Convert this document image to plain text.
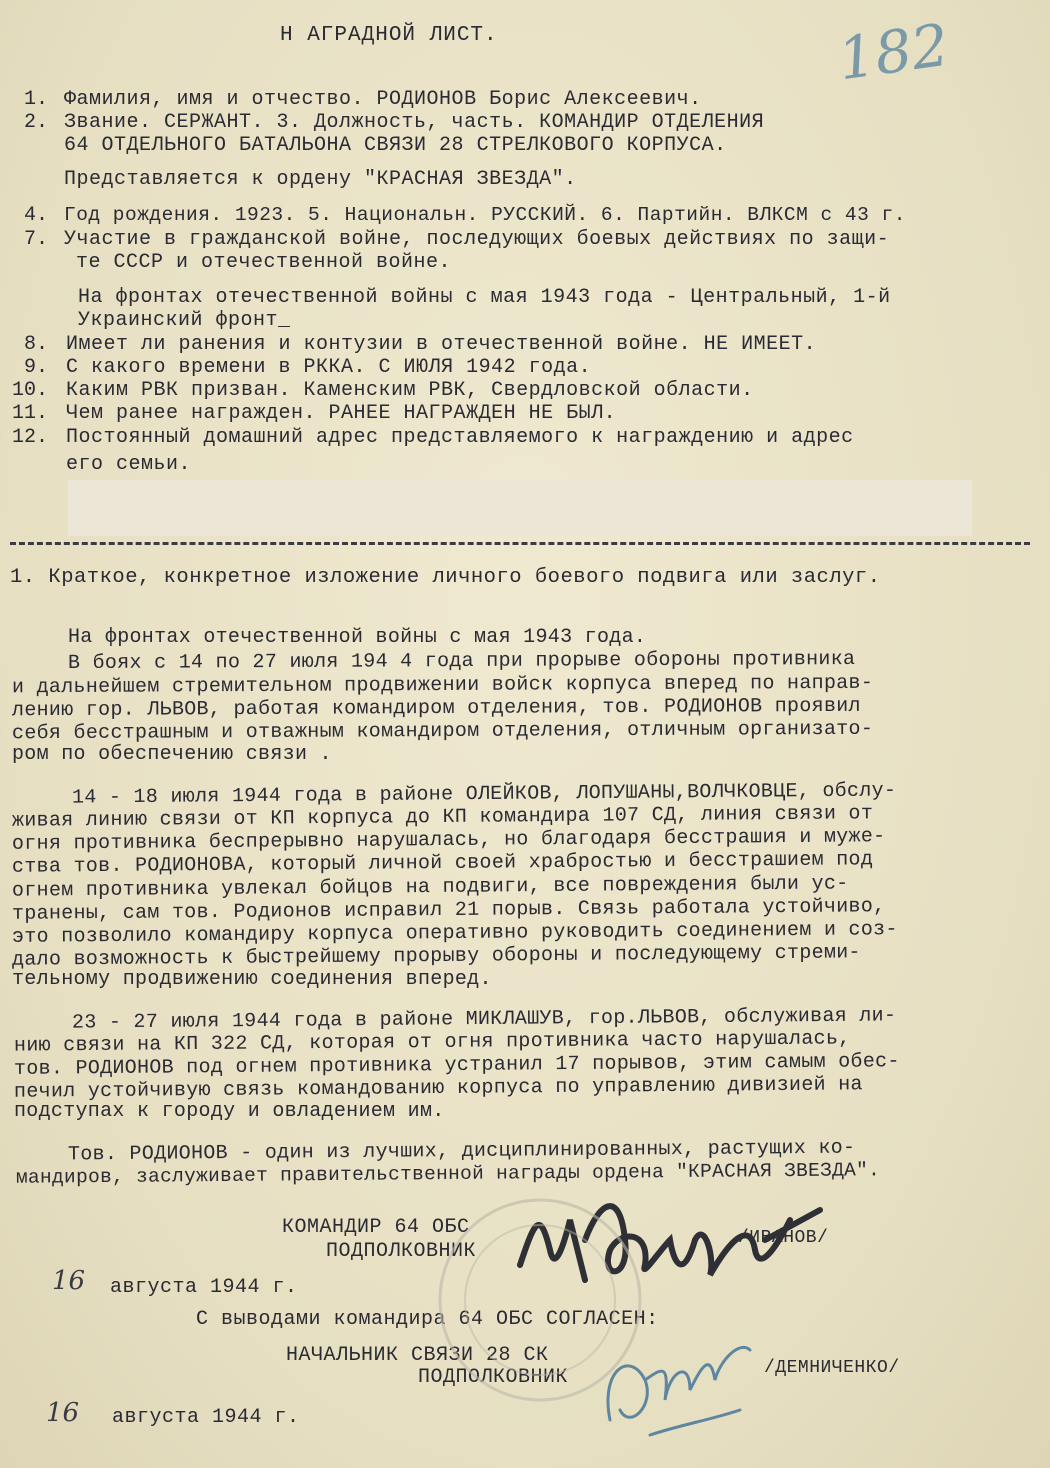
Н АГРАДНОЙ ЛИСТ.	182
1. Фамилия, имя и отчество. РОДИОНОВ Борис Алексеевич.
2. Звание. СЕРЖАНТ. 3. Должность, часть. КОМАНДИР ОТДЕЛЕНИЯ
64 ОТДЕЛЬНОГО БАТАЛЬОНА СВЯЗИ 28 СТРЕЛКОВОГО КОРПУСА.
Представляется к ордену "КРАСНАЯ ЗВЕЗДА".
4. Год рождения. 1923. 5. Национальн. РУССКИЙ. 6. Партийн. ВЛКСМ с 43 г.
7. Участие в гражданской войне, последующих боевых действиях по защи-
те СССР и отечественной войне.
На фронтах отечественной войны с мая 1943 года - Центральный, 1-й
Украинский фронт_
8. Имеет ли ранения и контузии в отечественной войне. НЕ ИМЕЕТ.
9. С какого времени в РККА. С ИЮЛЯ 1942 года.
10. Каким РВК призван. Каменским РВК, Свердловской области.
11. Чем ранее награжден. РАНЕЕ НАГРАЖДЕН НЕ БЫЛ.
12. Постоянный домашний адрес представляемого к награждению и адрес
его семьи.
1. Краткое, конкретное изложение личного боевого подвига или заслуг.
На фронтах отечественной войны с мая 1943 года.
В боях с 14 по 27 июля 194 4 года при прорыве обороны противника
и дальнейшем стремительном продвижении войск корпуса вперед по направ-
лению гор. ЛЬВОВ, работая командиром отделения, тов. РОДИОНОВ проявил
себя бесстрашным и отважным командиром отделения, отличным организато-
ром по обеспечению связи .
14 - 18 июля 1944 года в районе ОЛЕЙКОВ, ЛОПУШАНЫ,ВОЛЧКОВЦЕ, обслу-
живая линию связи от КП корпуса до КП командира 107 СД, линия связи от
огня противника беспрерывно нарушалась, но благодаря бесстрашия и муже-
ства тов. РОДИОНОВА, который личной своей храбростью и бесстрашием под
огнем противника увлекал бойцов на подвиги, все повреждения были ус-
транены, сам тов. Родионов исправил 21 порыв. Связь работала устойчиво,
это позволило командиру корпуса оперативно руководить соединением и соз-
дало возможность к быстрейшему прорыву обороны и последующему стреми-
тельному продвижению соединения вперед.
23 - 27 июля 1944 года в районе МИКЛАШУВ, гор.ЛЬВОВ, обслуживая ли-
нию связи на КП 322 СД, которая от огня противника часто нарушалась,
тов. РОДИОНОВ под огнем противника устранил 17 порывов, этим самым обес-
печил устойчивую связь командованию корпуса по управлению дивизией на
подступах к городу и овладением им.
Тов. РОДИОНОВ - один из лучших, дисциплинированных, растущих ко-
мандиров, заслуживает правительственной награды ордена "КРАСНАЯ ЗВЕЗДА".
КОМАНДИР 64 ОБС
ПОДПОЛКОВНИК
/ИВАНОВ/
16 августа 1944 г.
С выводами командира 64 ОБС СОГЛАСЕН:
НАЧАЛЬНИК СВЯЗИ 28 СК
ПОДПОЛКОВНИК	/ДЕМНИЧЕНКО/
16 августа 1944 г.
